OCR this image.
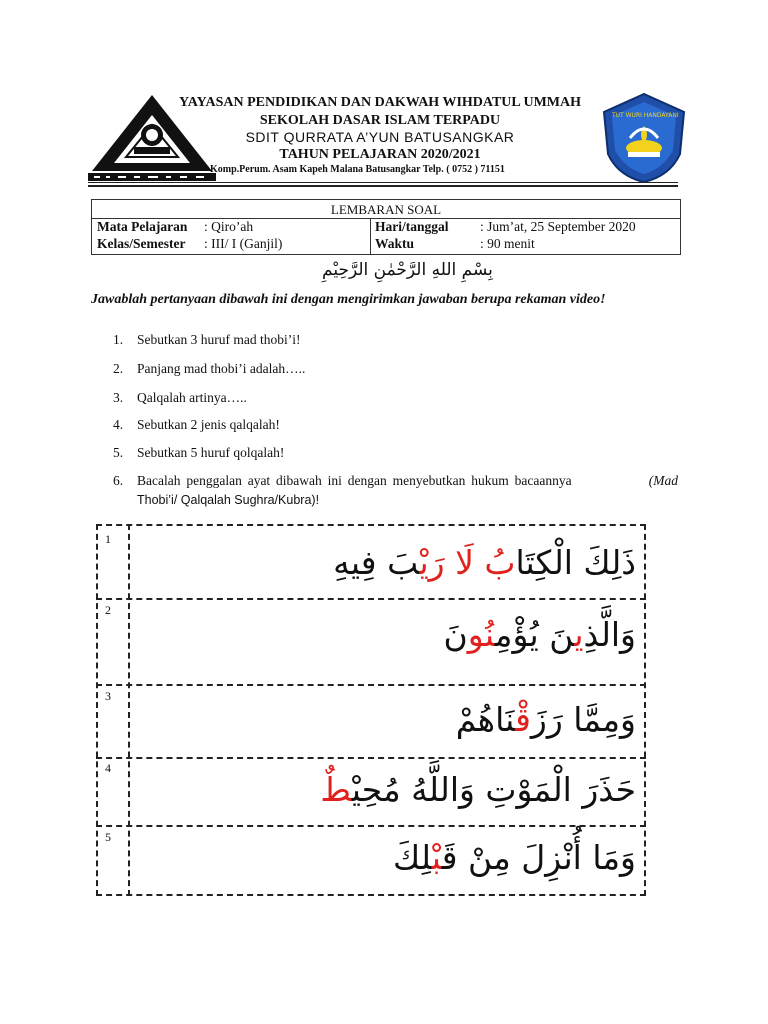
TUT WURI HANDAYANI
YAYASAN PENDIDIKAN DAN DAKWAH WIHDATUL UMMAH
SEKOLAH DASAR ISLAM TERPADU
SDIT QURRATA A’YUN BATUSANGKAR
TAHUN PELAJARAN 2020/2021
Komp.Perum. Asam Kapeh Malana Batusangkar Telp. ( 0752 ) 71151
LEMBARAN SOAL
Mata Pelajaran : Qiro’ah
Kelas/Semester : III/ I (Ganjil)
Hari/tanggal : Jum’at, 25 September 2020
Waktu	: 90 menit
بِسْمِ اللهِ الرَّحْمٰنِ الرَّحِيْمِ
Jawablah pertanyaan dibawah ini dengan mengirimkan jawaban berupa rekaman video!
1. Sebutkan 3 huruf mad thobi’i!
2. Panjang mad thobi’i adalah…..
3. Qalqalah artinya…..
4. Sebutkan 2 jenis qalqalah!
5. Sebutkan 5 huruf qolqalah!
6. Bacalah penggalan ayat dibawah ini dengan menyebutkan hukum bacaannya	(Mad
Thobi’i/ Qalqalah Sughra/Kubra)!
1
2
3
4
5
ذَلِكَ الْكِتَابُ لَا رَيْبَ فِيهِ
وَالَّذِينَ يُؤْمِنُونَ
وَمِمَّا رَزَقْنَاهُمْ
حَذَرَ الْمَوْتِ وَاللَّهُ مُحِيْطٌ
وَمَا أُنْزِلَ مِنْ قَبْلِكَ
